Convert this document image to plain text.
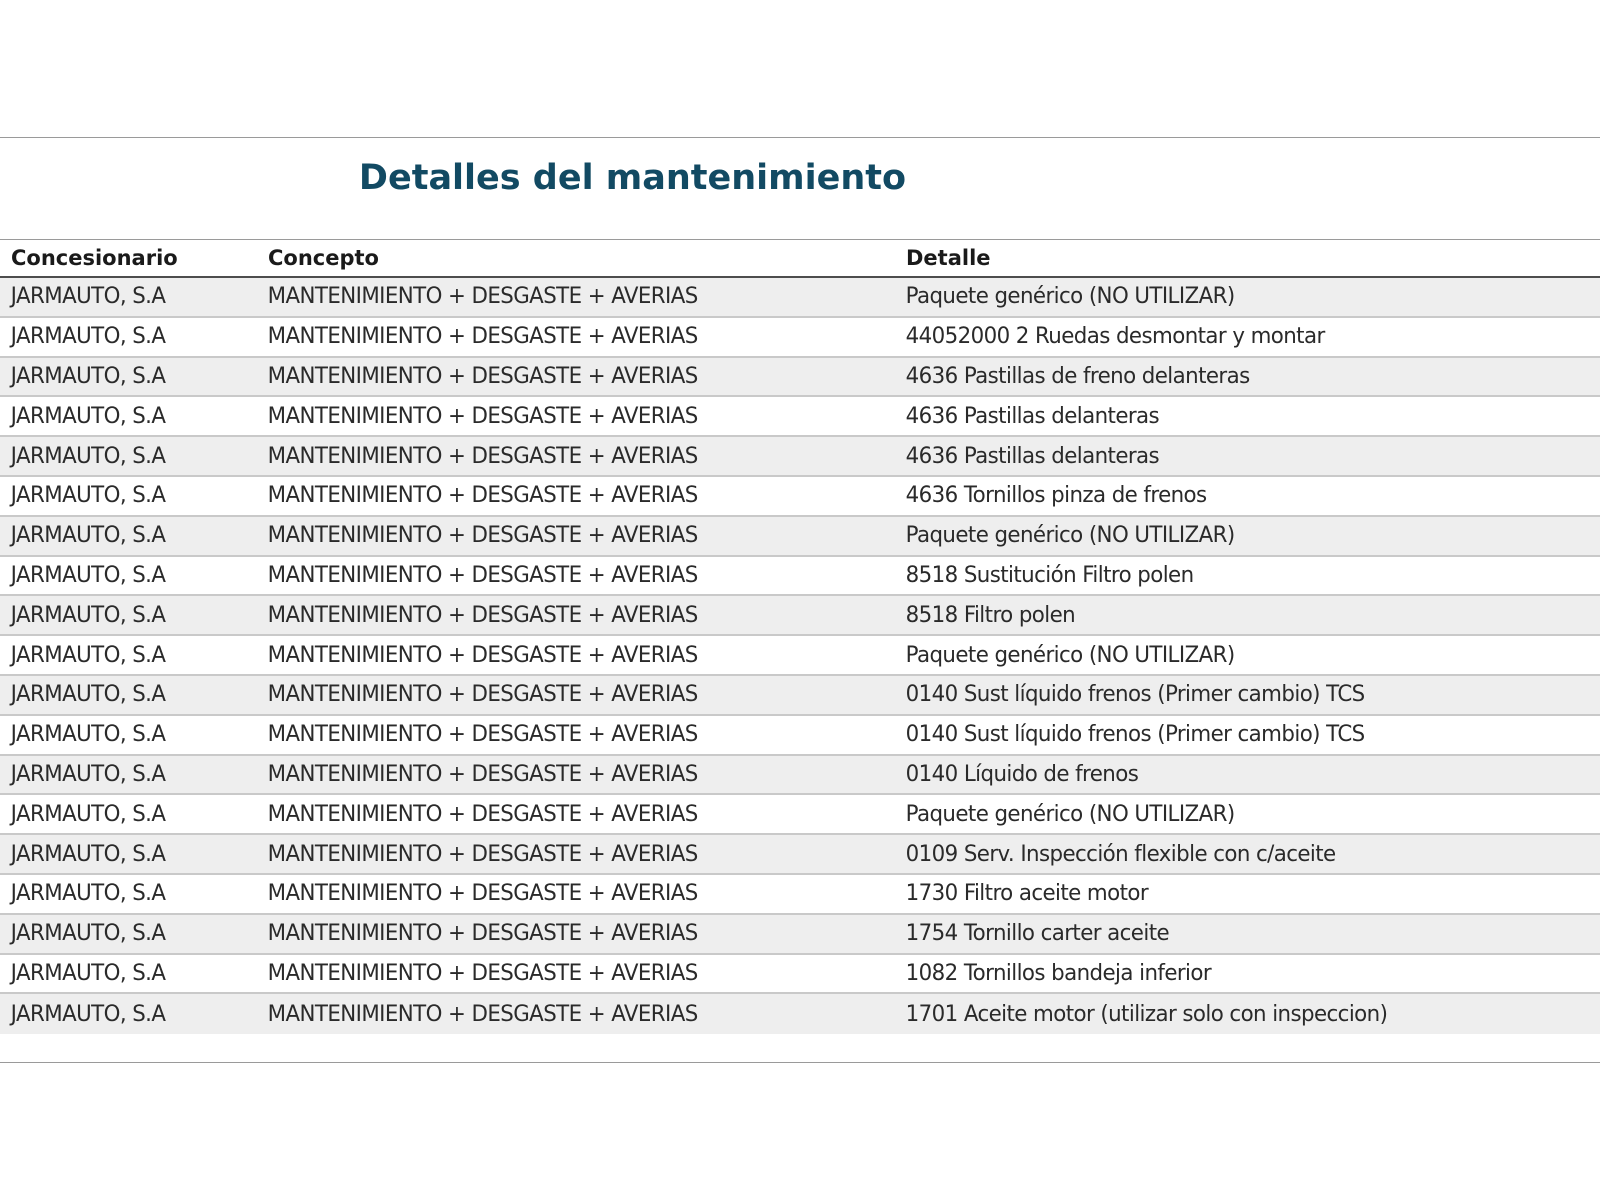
Detalles del mantenimiento
Concesionario	Concepto	Detalle
JARMAUTO, S.A	MANTENIMIENTO + DESGASTE + AVERIAS	Paquete genérico (NO UTILIZAR)
JARMAUTO, S.A	MANTENIMIENTO + DESGASTE + AVERIAS	44052000 2 Ruedas desmontar y montar
JARMAUTO, S.A	MANTENIMIENTO + DESGASTE + AVERIAS	4636 Pastillas de freno delanteras
JARMAUTO, S.A	MANTENIMIENTO + DESGASTE + AVERIAS	4636 Pastillas delanteras
JARMAUTO, S.A	MANTENIMIENTO + DESGASTE + AVERIAS	4636 Pastillas delanteras
JARMAUTO, S.A	MANTENIMIENTO + DESGASTE + AVERIAS	4636 Tornillos pinza de frenos
JARMAUTO, S.A	MANTENIMIENTO + DESGASTE + AVERIAS	Paquete genérico (NO UTILIZAR)
JARMAUTO, S.A	MANTENIMIENTO + DESGASTE + AVERIAS	8518 Sustitución Filtro polen
JARMAUTO, S.A	MANTENIMIENTO + DESGASTE + AVERIAS	8518 Filtro polen
JARMAUTO, S.A	MANTENIMIENTO + DESGASTE + AVERIAS	Paquete genérico (NO UTILIZAR)
JARMAUTO, S.A	MANTENIMIENTO + DESGASTE + AVERIAS	0140 Sust líquido frenos (Primer cambio) TCS
JARMAUTO, S.A	MANTENIMIENTO + DESGASTE + AVERIAS	0140 Sust líquido frenos (Primer cambio) TCS
JARMAUTO, S.A	MANTENIMIENTO + DESGASTE + AVERIAS	0140 Líquido de frenos
JARMAUTO, S.A	MANTENIMIENTO + DESGASTE + AVERIAS	Paquete genérico (NO UTILIZAR)
JARMAUTO, S.A	MANTENIMIENTO + DESGASTE + AVERIAS	0109 Serv. Inspección flexible con c/aceite
JARMAUTO, S.A	MANTENIMIENTO + DESGASTE + AVERIAS	1730 Filtro aceite motor
JARMAUTO, S.A	MANTENIMIENTO + DESGASTE + AVERIAS	1754 Tornillo carter aceite
JARMAUTO, S.A	MANTENIMIENTO + DESGASTE + AVERIAS	1082 Tornillos bandeja inferior
JARMAUTO, S.A	MANTENIMIENTO + DESGASTE + AVERIAS	1701 Aceite motor (utilizar solo con inspeccion)
